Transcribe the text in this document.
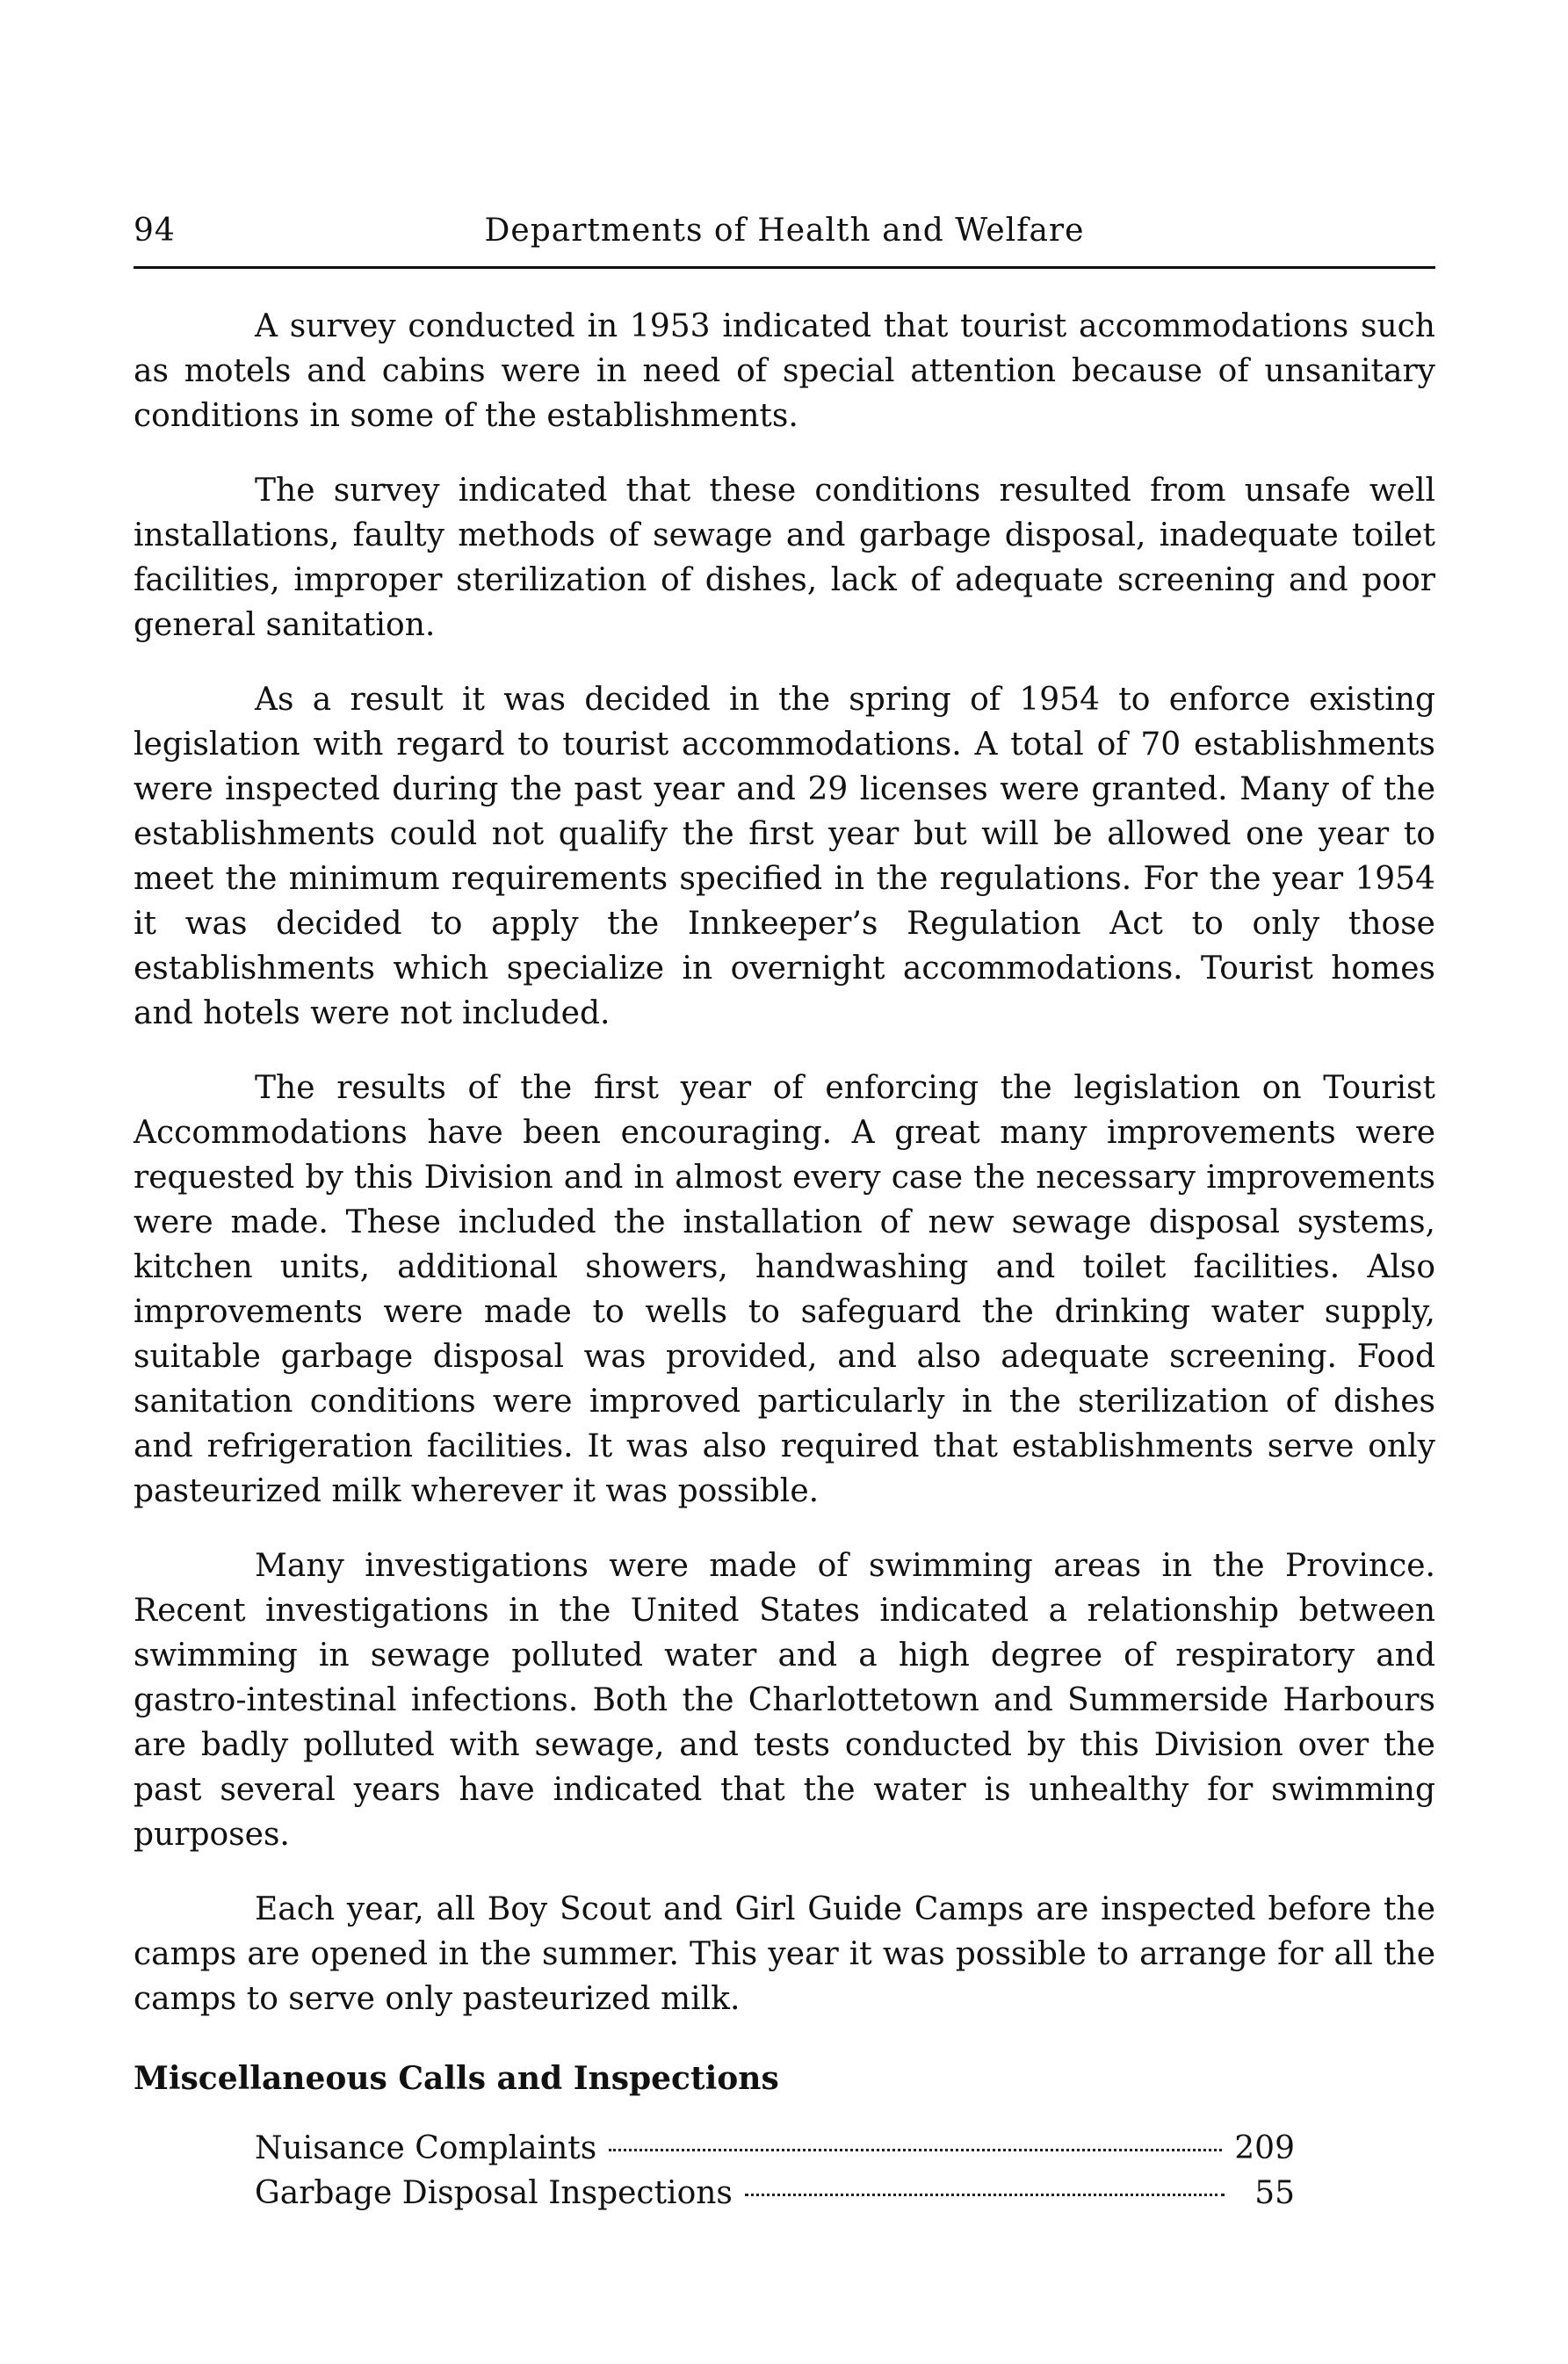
94	Departments of Health and Welfare

A survey conducted in 1953 indicated that tourist accommodations such as motels and cabins were in need of special attention because of unsanitary conditions in some of the establishments.

The survey indicated that these conditions resulted from unsafe well installations, faulty methods of sewage and garbage disposal, inadequate toilet facilities, improper sterilization of dishes, lack of adequate screening and poor general sanitation.

As a result it was decided in the spring of 1954 to enforce existing legislation with regard to tourist accommodations. A total of 70 establishments were inspected during the past year and 29 licenses were granted. Many of the establishments could not qualify the first year but will be allowed one year to meet the minimum requirements specified in the regulations. For the year 1954 it was decided to apply the Innkeeper’s Regulation Act to only those establishments which specialize in overnight accommodations. Tourist homes and hotels were not included.

The results of the first year of enforcing the legislation on Tourist Accommodations have been encouraging. A great many improvements were requested by this Division and in almost every case the necessary improvements were made. These included the installation of new sewage disposal systems, kitchen units, additional showers, handwashing and toilet facilities. Also improvements were made to wells to safeguard the drinking water supply, suitable garbage disposal was provided, and also adequate screening. Food sanitation conditions were improved particularly in the sterilization of dishes and refrigeration facilities. It was also required that establishments serve only pasteurized milk wherever it was possible.

Many investigations were made of swimming areas in the Province. Recent investigations in the United States indicated a relationship between swimming in sewage polluted water and a high degree of respiratory and gastro-intestinal infections. Both the Charlottetown and Summerside Harbours are badly polluted with sewage, and tests conducted by this Division over the past several years have indicated that the water is unhealthy for swimming purposes.

Each year, all Boy Scout and Girl Guide Camps are inspected before the camps are opened in the summer. This year it was possible to arrange for all the camps to serve only pasteurized milk.

Miscellaneous Calls and Inspections
Nuisance Complaints	209
Garbage Disposal Inspections	55
